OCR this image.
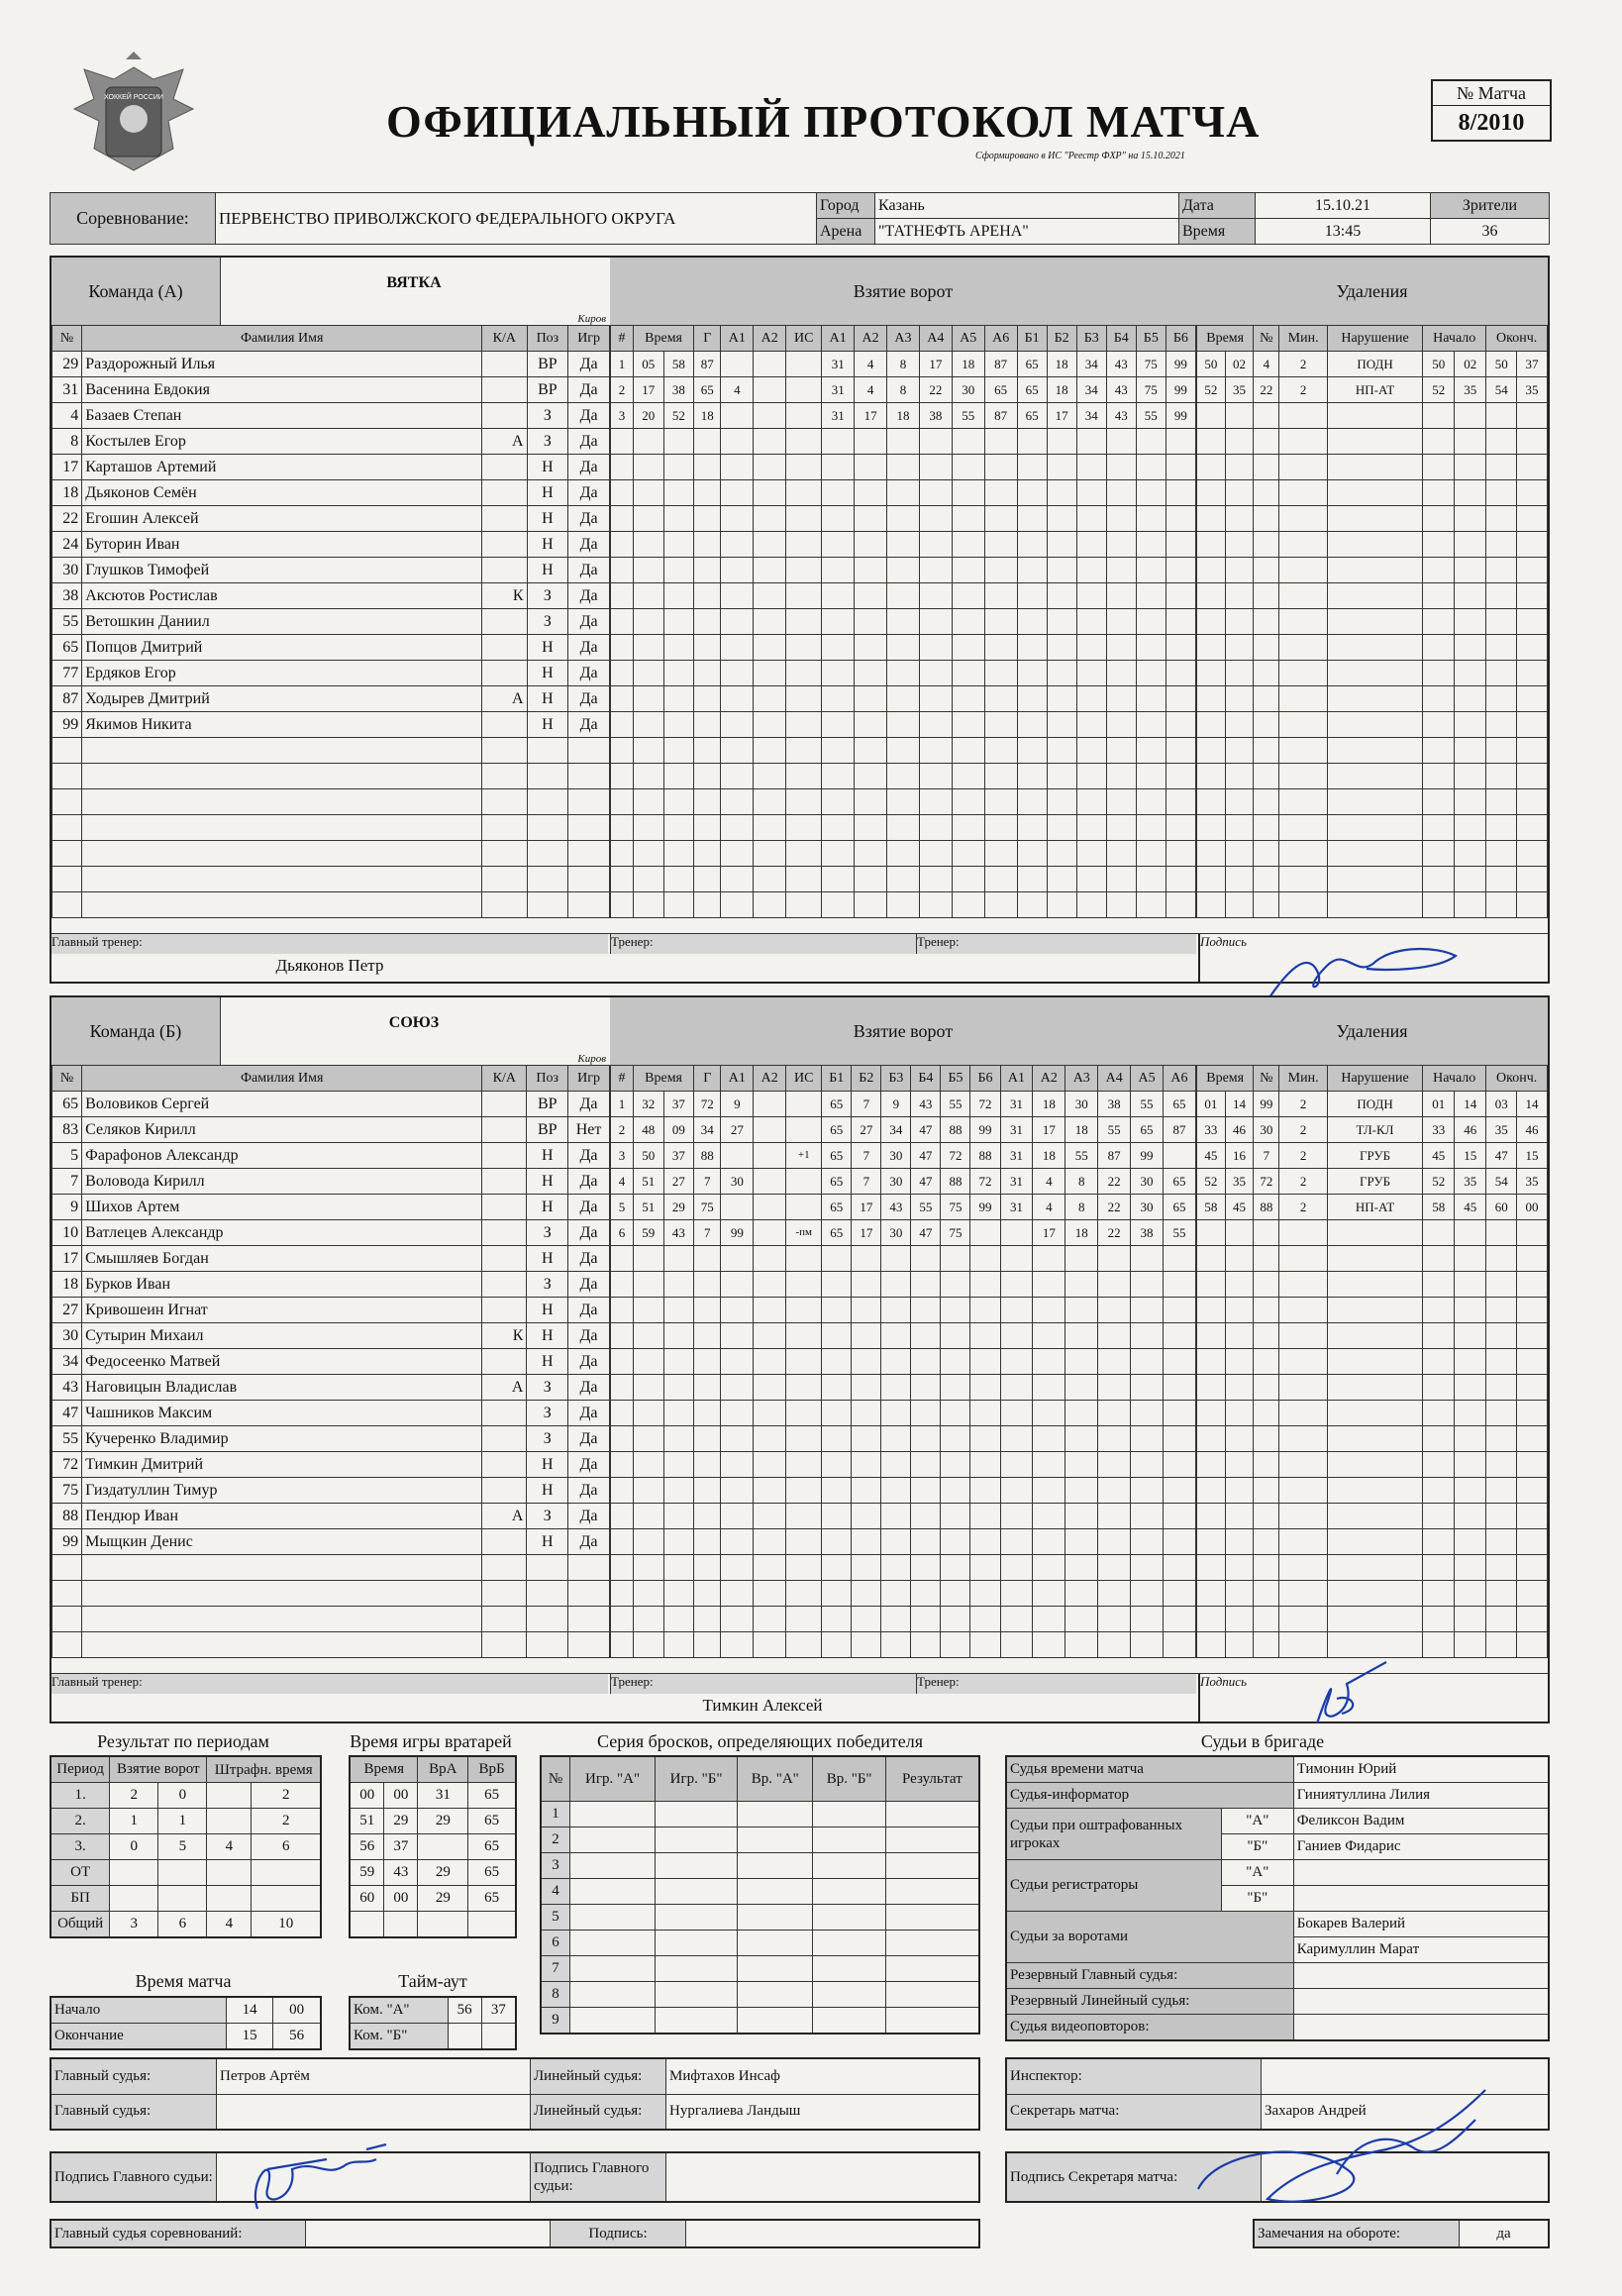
ХОККЕЙ РОССИИ	ОФИЦИАЛЬНЫЙ ПРОТОКОЛ МАТЧА
Сформировано в ИС "Реестр ФХР" на 15.10.2021
№ Матча
8/2010
Соревнование:	ПЕРВЕНСТВО ПРИВОЛЖСКОГО ФЕДЕРАЛЬНОГО ОКРУГА	Город	Казань	Дата	15.10.21	Зрители
		Арена	"ТАТНЕФТЬ АРЕНА"	Время	13:45	36
Команда (А)	ВЯТКА
Киров
Взятие ворот	Удаления
№	Фамилия Имя	К/А	Поз	Игр
29	Раздорожный Илья		ВР	Да
31	Васенина Евдокия		ВР	Да
4	Базаев Степан		З	Да
8	Костылев Егор	А	З	Да
17	Карташов Артемий		Н	Да
18	Дьяконов Семён		Н	Да
22	Егошин Алексей		Н	Да
24	Буторин Иван		Н	Да
30	Глушков Тимофей		Н	Да
38	Аксютов Ростислав	К	З	Да
55	Ветошкин Даниил		З	Да
65	Попцов Дмитрий		Н	Да
77	Ердяков Егор		Н	Да
87	Ходырев Дмитрий	А	Н	Да
99	Якимов Никита		Н	Да

#	Время		Г	А1	А2	ИС	А1	А2	А3	А4	А5	А6	Б1	Б2	Б3	Б4	Б5	Б6
1	05	58	87				31	4	8	17	18	87	65	18	34	43	75	99
2	17	38	65	4			31	4	8	22	30	65	65	18	34	43	75	99
3	20	52	18				31	17	18	38	55	87	65	17	34	43	55	99

Время		№	Мин.	Нарушение	Начало		Оконч.	
50	02	4	2	ПОДН	50	02	50	37
52	35	22	2	НП-АТ	52	35	54	35

Главный тренер:
Дьяконов Петр
Тренер:	Тренер:	Подпись
Команда (Б)	СОЮЗ
Киров
Взятие ворот	Удаления
№	Фамилия Имя	К/А	Поз	Игр
65	Воловиков Сергей		ВР	Да
83	Селяков Кирилл		ВР	Нет
5	Фарафонов Александр		Н	Да
7	Воловода Кирилл		Н	Да
9	Шихов Артем		Н	Да
10	Ватлецев Александр		З	Да
17	Смышляев Богдан		Н	Да
18	Бурков Иван		З	Да
27	Кривошеин Игнат		Н	Да
30	Сутырин Михаил	К	Н	Да
34	Федосеенко Матвей		Н	Да
43	Наговицын Владислав	А	З	Да
47	Чашников Максим		З	Да
55	Кучеренко Владимир		З	Да
72	Тимкин Дмитрий		Н	Да
75	Гиздатуллин Тимур		Н	Да
88	Пендюр Иван	А	З	Да
99	Мыщкин Денис		Н	Да

#	Время		Г	А1	А2	ИС	Б1	Б2	Б3	Б4	Б5	Б6	А1	А2	А3	А4	А5	А6
1	32	37	72	9			65	7	9	43	55	72	31	18	30	38	55	65
2	48	09	34	27			65	27	34	47	88	99	31	17	18	55	65	87
3	50	37	88			+1	65	7	30	47	72	88	31	18	55	87	99	
4	51	27	7	30			65	7	30	47	88	72	31	4	8	22	30	65
5	51	29	75				65	17	43	55	75	99	31	4	8	22	30	65
6	59	43	7	99		-пм	65	17	30	47	75			17	18	22	38	55

Время		№	Мин.	Нарушение	Начало		Оконч.	
01	14	99	2	ПОДН	01	14	03	14
33	46	30	2	ТЛ-КЛ	33	46	35	46
45	16	7	2	ГРУБ	45	15	47	15
52	35	72	2	ГРУБ	52	35	54	35
58	45	88	2	НП-АТ	58	45	60	00

Главный тренер:	Тренер:
Тимкин Алексей
Тренер:	Подпись
Результат по периодам
Период	Взятие ворот		Штрафн. время	
1.	2	0		2
2.	1	1		2
3.	0	5	4	6
ОТ				
БП				
Общий	3	6	4	10
Время игры вратарей
Время		ВрА	ВрБ
00	00	31	65
51	29	29	65
56	37		65
59	43	29	65
60	00	29	65

Время матча
Начало	14	00
Окончание	15	56
Тайм-аут
Ком. "А"	56	37
Ком. "Б"		
Серия бросков, определяющих победителя
№	Игр. "А"	Игр. "Б"	Вр. "А"	Вр. "Б"	Результат
1					
2					
3					
4					
5					
6					
7					
8					
9					
Судьи в бригаде
Судья времени матча		Тимонин Юрий
Судья-информатор		Гиниятуллина Лилия
Судьи при оштрафованных игроках	"А"	Феликсон Вадим
	"Б"	Ганиев Фидарис
Судьи регистраторы	"А"	
	"Б"	
Судьи за воротами		Бокарев Валерий
		Каримуллин Марат
Резервный Главный судья:		
Резервный Линейный судья:		
Судья видеоповторов:		
Главный судья:	Петров Артём	Линейный судья:	Мифтахов Инсаф
Главный судья:		Линейный судья:	Нургалиева Ландыш
Инспектор:	
Секретарь матча:	Захаров Андрей
Подпись Главного судьи:		Подпись Главного судьи:	
Подпись Секретаря матча:	
Главный судья соревнований:		Подпись:		Замечания на обороте:	да
